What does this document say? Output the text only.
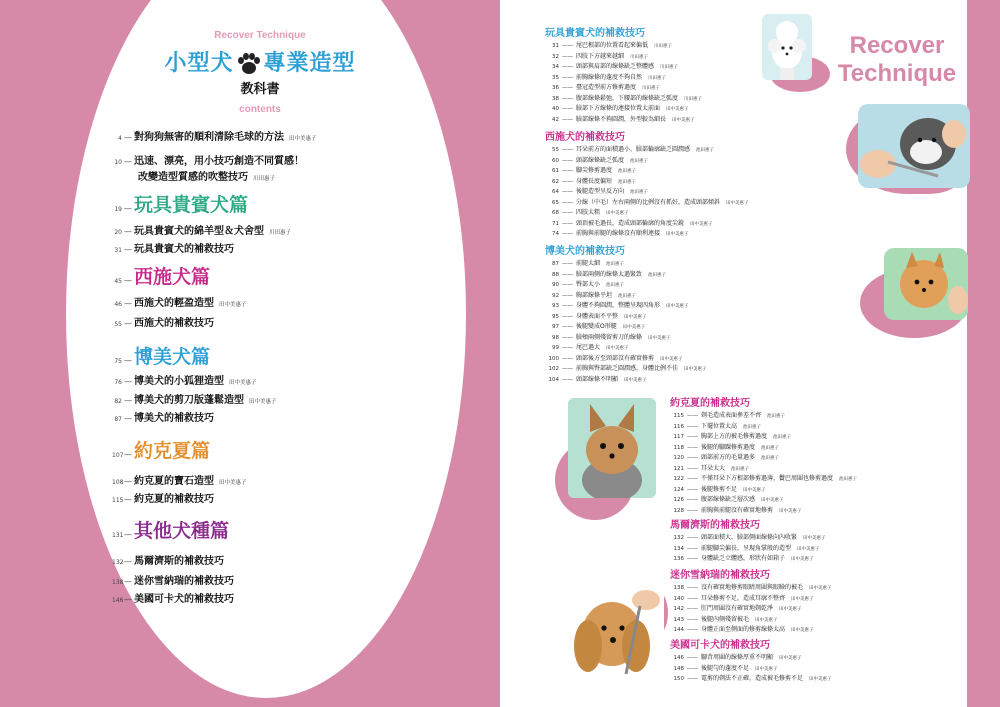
Recover Technique
小型犬 專業造型
教科書
contents
4 — 對狗狗無害的順利清除毛球的方法 田中美惠子
10 — 迅速、漂亮，用小技巧創造不同質感！
改變造型質感的吹整技巧 川田惠子
19 — 玩具貴賓犬篇
20 — 玩具貴賓犬的綿羊型＆犬舍型 川田惠子
31 — 玩具貴賓犬的補救技巧
45 — 西施犬篇
46 — 西施犬的輕盈造型 田中美惠子
55 — 西施犬的補救技巧
75 — 博美犬篇
76 — 博美犬的小狐狸造型 田中美惠子
82 — 博美犬的剪刀版蓬鬆造型 田中美惠子
87 — 博美犬的補救技巧
107 — 約克夏篇
108 — 約克夏的寶石造型 田中美惠子
115 — 約克夏的補救技巧
131 — 其他犬種篇
132 — 馬爾濟斯的補救技巧
138 — 迷你雪納瑞的補救技巧
146 — 美國可卡犬的補救技巧
Recover
Technique
玩具貴賓犬的補救技巧
31 —— 尾巴根部的位置看起來偏低 川田惠子
32 —— 四肢下方越來越細 川田惠子
34 —— 頭部與肩部的線條缺乏整體感 川田惠子
35 —— 前胸線條的蓬度不夠自然 川田惠子
36 —— 臺冠造型前方修剪過度 川田惠子
38 —— 腹部線條鬆弛，下腰部的線條缺乏弧度 川田惠子
40 —— 臉部下方線條的連接位置太前面 田中美惠子
42 —— 臉部線條不夠圓潤，外型較為細長 田中美惠子
西施犬的補救技巧
55 —— 耳朵前方的面積過小，臉部輪廓缺乏圓潤感 池田惠子
60 —— 頭部線條缺乏弧度 池田惠子
61 —— 腳尖修剪過度 池田惠子
62 —— 身體長度偏短 池田惠子
64 —— 後腿造型呈反方向 池田惠子
65 —— 分線（中毛）左右兩側的比例沒有抓好，造成頭部傾斜 田中美惠子
68 —— 四肢太粗 田中美惠子
71 —— 頭頂被毛過長，造成頭部輪廓的角度尖銳 田中美惠子
74 —— 前胸與前腿的線條沒有順利連接 田中美惠子
博美犬的補救技巧
87 —— 前腿太細 池田惠子
88 —— 臉部兩側的線條太過緊致 池田惠子
90 —— 臀部太小 池田惠子
92 —— 胸部線條平坦 池田惠子
93 —— 身體不夠圓潤，整體呈現四角形 田中美惠子
95 —— 身體表面不平整 田中美惠子
97 —— 後腿變成O形腿 田中美惠子
98 —— 臉頰兩側殘留剪刀的線條 田中美惠子
99 —— 尾巴過大 田中美惠子
100 —— 頭部後方至頸部沒有確實修剪 田中美惠子
102 —— 前胸與臀部缺乏圓潤感，身體比例不佳 田中美惠子
104 —— 頭部線條不明顯 田中美惠子
約克夏的補救技巧
115 —— 剃毛造成表面參差不齊 池田惠子
116 —— 下擺位置太高 池田惠子
117 —— 胸部上方的被毛修剪過度 池田惠子
118 —— 後腿的腳踝修剪過度 池田惠子
120 —— 頭部前方的毛量過多 池田惠子
121 —— 耳朵太大 池田惠子
122 —— 不僅耳朵下方根部修剪過薄，鬢巴周圍也修剪過度 池田惠子
124 —— 後腿修剪不足 田中美惠子
126 —— 腹部線條缺乏層次感 田中美惠子
128 —— 前胸與前腿沒有確實地修剪 田中美惠子
馬爾濟斯的補救技巧
132 —— 頭部面積大，臉部側面線條向內收緊 田中美惠子
134 —— 前腿腳尖偏長，呈現角掌般的造型 田中美惠子
136 —— 身體缺乏立體感，形狀有如箱子 田中美惠子
迷你雪納瑞的補救技巧
138 —— 沒有確實地修剪眼睛周圍與眼瞼的被毛 田中美惠子
140 —— 耳朵修剪不足，造成耳廓不整齊 田中美惠子
142 —— 肛門周圍沒有確實地剃乾淨 田中美惠子
143 —— 後腿內側殘留被毛 田中美惠子
144 —— 身體正面至側面的修剪線條太高 田中美惠子
美國可卡犬的補救技巧
146 —— 腳背周圍的線條厚重不明顯 田中美惠子
148 —— 後腿勻的蓬度不足 田中美惠子
150 —— 電剪的剃法不正確，造成被毛修剪不足 田中美惠子
